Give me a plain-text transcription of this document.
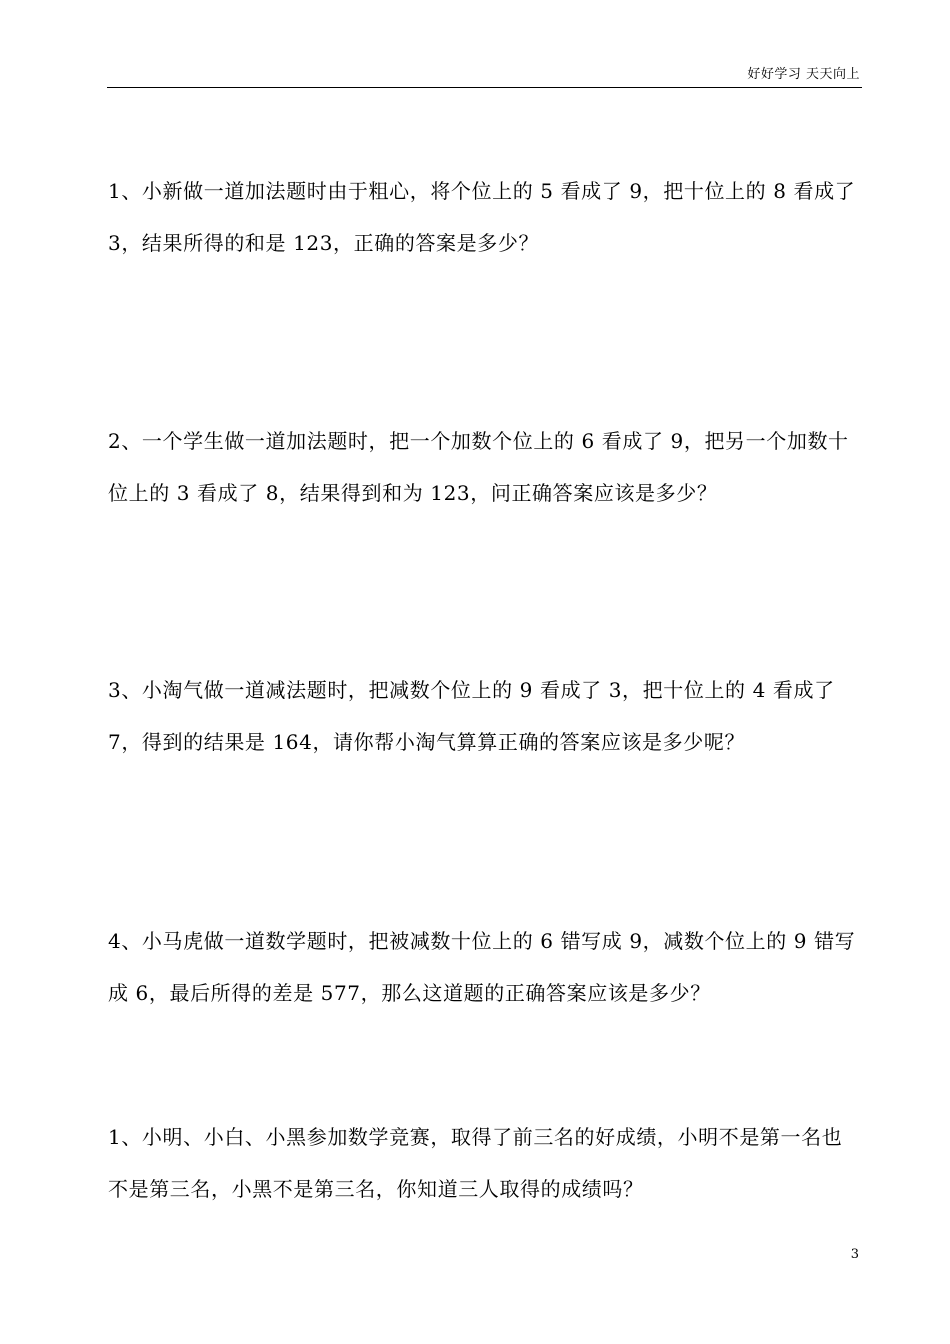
好好学习 天天向上

1、小新做一道加法题时由于粗心，将个位上的 5 看成了 9，把十位上的 8 看成了 3，结果所得的和是 123，正确的答案是多少？

2、一个学生做一道加法题时，把一个加数个位上的 6 看成了 9，把另一个加数十位上的 3 看成了 8，结果得到和为 123，问正确答案应该是多少？

3、小淘气做一道减法题时，把减数个位上的 9 看成了 3，把十位上的 4 看成了 7，得到的结果是 164，请你帮小淘气算算正确的答案应该是多少呢？

4、小马虎做一道数学题时，把被减数十位上的 6 错写成 9，减数个位上的 9 错写成 6，最后所得的差是 577，那么这道题的正确答案应该是多少？

1、小明、小白、小黑参加数学竞赛，取得了前三名的好成绩，小明不是第一名也不是第三名，小黑不是第三名，你知道三人取得的成绩吗？

3
